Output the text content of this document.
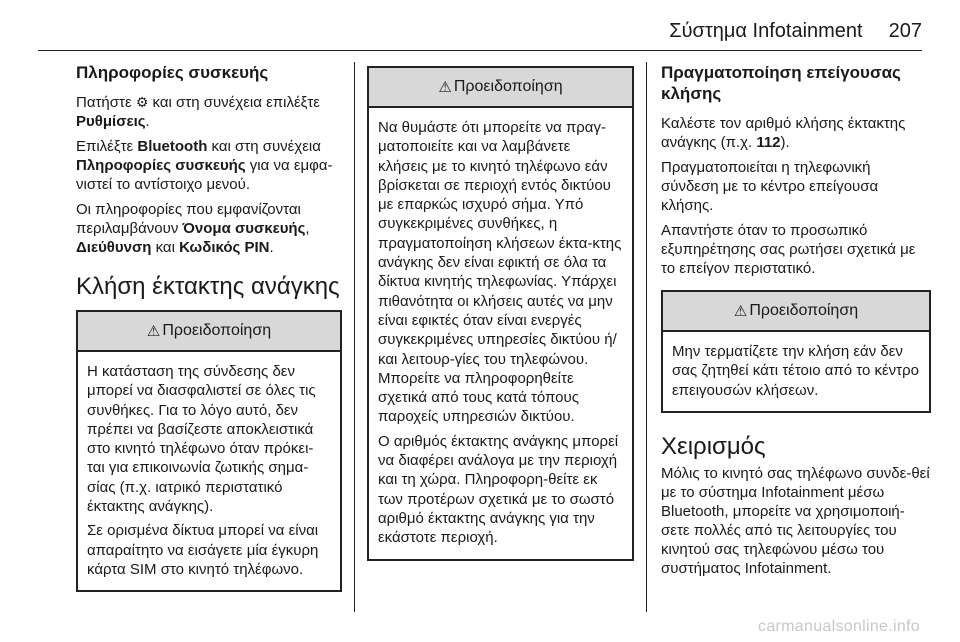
Σύστημα Infotainment 207
Πληροφορίες συσκευής

Πατήστε ⚙ και στη συνέχεια επιλέξτε Ρυθμίσεις.

Επιλέξτε Bluetooth και στη συνέχεια Πληροφορίες συσκευής για να εμφα-νιστεί το αντίστοιχο μενού.

Οι πληροφορίες που εμφανίζονται περιλαμβάνουν Όνομα συσκευής, Διεύθυνση και Κωδικός PIN.

Κλήση έκτακτης ανάγκης
⚠ Προειδοποίηση

Η κατάσταση της σύνδεσης δεν μπορεί να διασφαλιστεί σε όλες τις συνθήκες. Για το λόγο αυτό, δεν πρέπει να βασίζεστε αποκλειστικά στο κινητό τηλέφωνο όταν πρόκει-ται για επικοινωνία ζωτικής σημα-σίας (π.χ. ιατρικό περιστατικό έκτακτης ανάγκης).

Σε ορισμένα δίκτυα μπορεί να είναι απαραίτητο να εισάγετε μία έγκυρη κάρτα SIM στο κινητό τηλέφωνο.

⚠ Προειδοποίηση

Να θυμάστε ότι μπορείτε να πραγ-ματοποιείτε και να λαμβάνετε κλήσεις με το κινητό τηλέφωνο εάν βρίσκεται σε περιοχή εντός δικτύου με επαρκώς ισχυρό σήμα. Υπό συγκεκριμένες συνθήκες, η πραγματοποίηση κλήσεων έκτα-κτης ανάγκης δεν είναι εφικτή σε όλα τα δίκτυα κινητής τηλεφωνίας. Υπάρχει πιθανότητα οι κλήσεις αυτές να μην είναι εφικτές όταν είναι ενεργές συγκεκριμένες υπηρεσίες δικτύου ή/και λειτουρ-γίες του τηλεφώνου. Μπορείτε να πληροφορηθείτε σχετικά από τους κατά τόπους παροχείς υπηρεσιών δικτύου.

Ο αριθμός έκτακτης ανάγκης μπορεί να διαφέρει ανάλογα με την περιοχή και τη χώρα. Πληροφορη-θείτε εκ των προτέρων σχετικά με το σωστό αριθμό έκτακτης ανάγκης για την εκάστοτε περιοχή.

Πραγματοποίηση επείγουσας κλήσης

Καλέστε τον αριθμό κλήσης έκτακτης ανάγκης (π.χ. 112).

Πραγματοποιείται η τηλεφωνική σύνδεση με το κέντρο επείγουσα κλήσης.

Απαντήστε όταν το προσωπικό εξυπηρέτησης σας ρωτήσει σχετικά με το επείγον περιστατικό.

⚠ Προειδοποίηση

Μην τερματίζετε την κλήση εάν δεν σας ζητηθεί κάτι τέτοιο από το κέντρο επειγουσών κλήσεων.

Χειρισμός

Μόλις το κινητό σας τηλέφωνο συνδε-θεί με το σύστημα Infotainment μέσω Bluetooth, μπορείτε να χρησιμοποιή-σετε πολλές από τις λειτουργίες του κινητού σας τηλεφώνου μέσω του συστήματος Infotainment.

carmanualsonline.info
